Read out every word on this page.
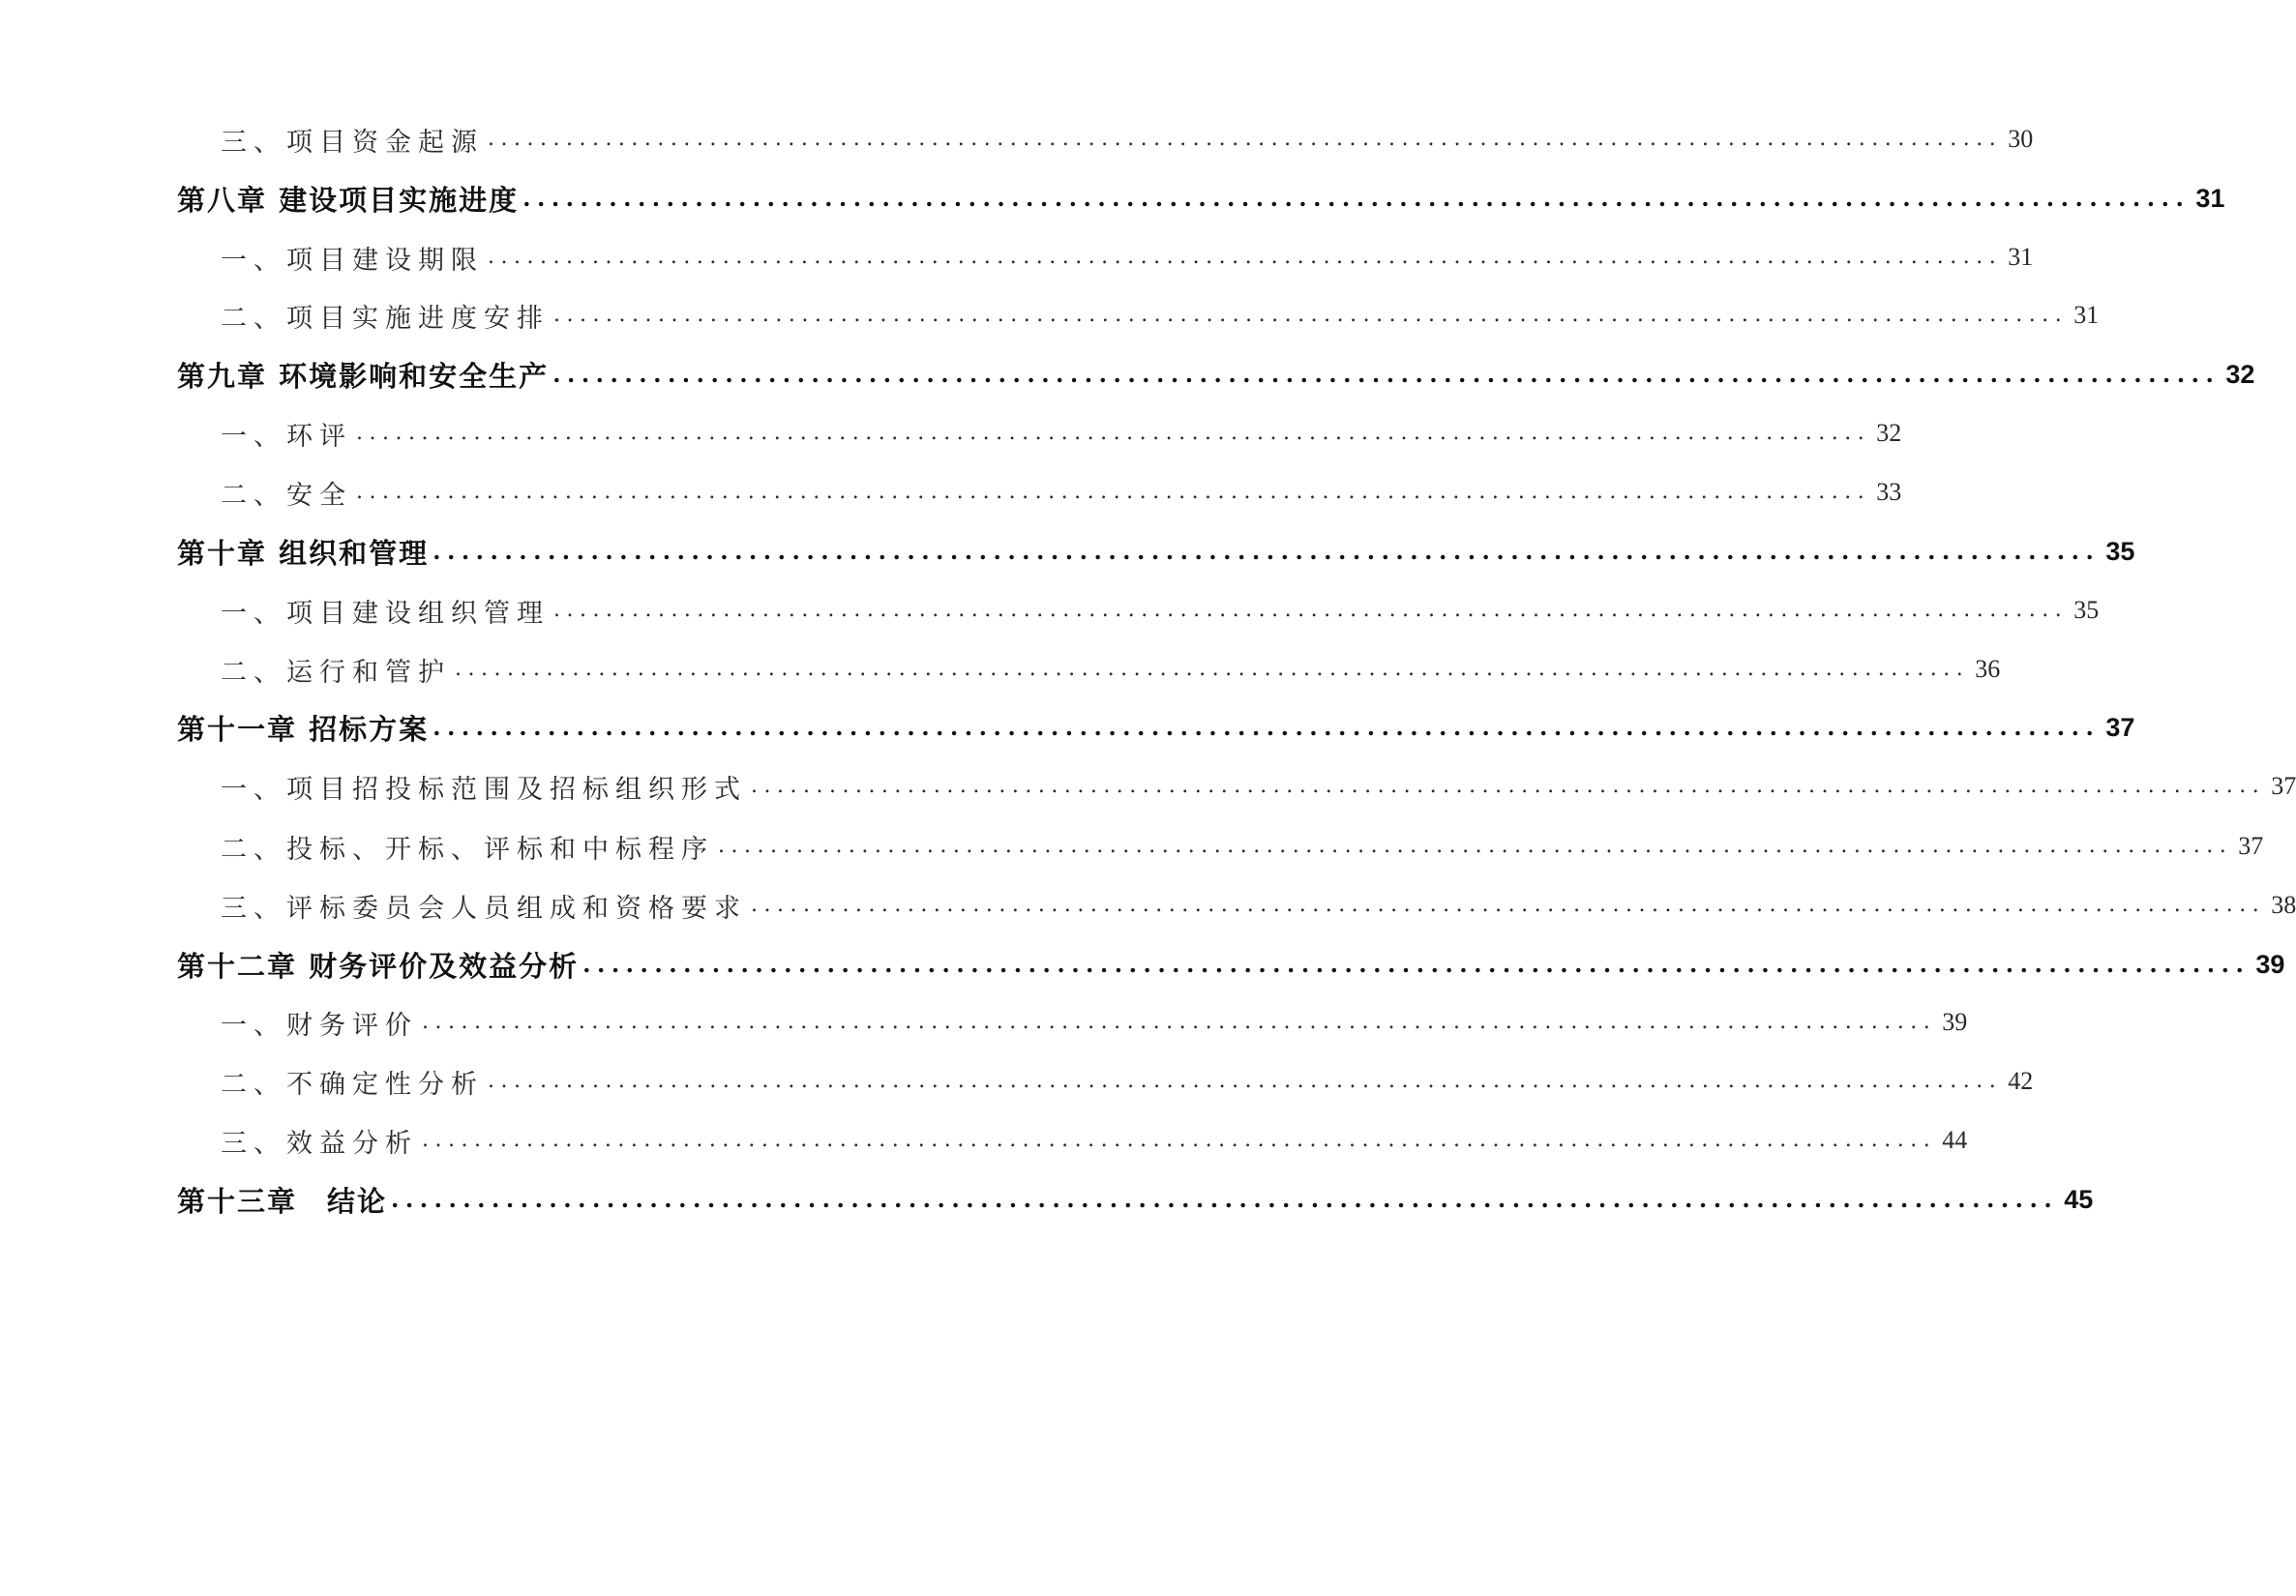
三、项目资金起源 .................................................................................................................... 30
第八章 建设项目实施进度 .................................................................................................................... 31
一、项目建设期限 .................................................................................................................... 31
二、项目实施进度安排 .................................................................................................................... 31
第九章 环境影响和安全生产 .................................................................................................................... 32
一、环评 .................................................................................................................... 32
二、安全 .................................................................................................................... 33
第十章 组织和管理 .................................................................................................................... 35
一、项目建设组织管理 .................................................................................................................... 35
二、运行和管护 .................................................................................................................... 36
第十一章 招标方案 .................................................................................................................... 37
一、项目招投标范围及招标组织形式 .................................................................................................................... 37
二、投标、开标、评标和中标程序 .................................................................................................................... 37
三、评标委员会人员组成和资格要求 .................................................................................................................... 38
第十二章 财务评价及效益分析 .................................................................................................................... 39
一、财务评价 .................................................................................................................... 39
二、不确定性分析 .................................................................................................................... 42
三、效益分析 .................................................................................................................... 44
第十三章　结论 .................................................................................................................... 45
